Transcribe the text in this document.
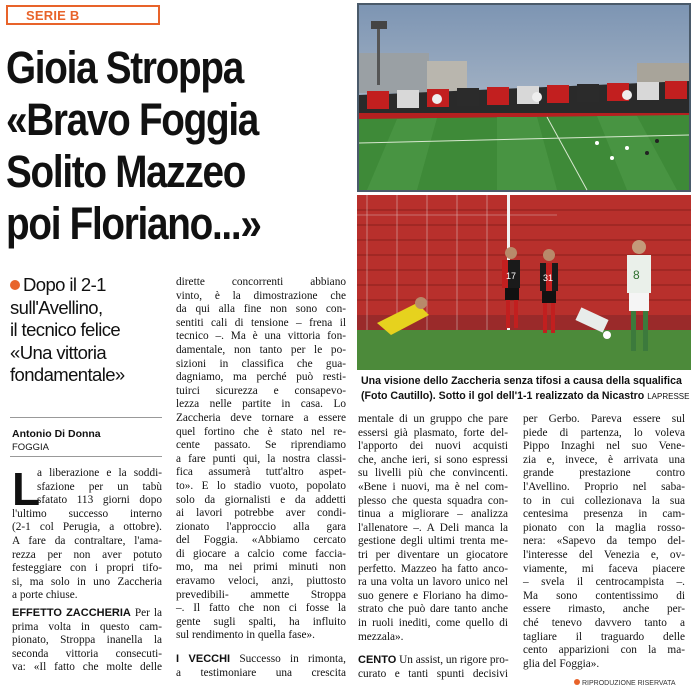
SERIE B
Gioia Stroppa
«Bravo Foggia
Solito Mazzeo
poi Floriano...»
Dopo il 2-1
sull'Avellino,
il tecnico felice
«Una vittoria
fondamentale»
Antonio Di Donna
FOGGIA
L
a liberazione e la soddi-
sfazione per un tabù
sfatato 113 giorni dopo
l'ultimo successo interno
(2-1 col Perugia, a ottobre).
A fare da contraltare, l'ama-
rezza per non aver potuto
festeggiare con i propri tifo-
si, ma solo in uno Zaccheria
a porte chiuse.
EFFETTO ZACCHERIA Per la
prima volta in questo cam-
pionato, Stroppa inanella la
seconda vittoria consecuti-
va: «Il fatto che molte delle
dirette concorrenti abbiano
vinto, è la dimostrazione che
da qui alla fine non sono con-
sentiti cali di tensione – frena il
tecnico –. Ma è una vittoria fon-
damentale, non tanto per le po-
sizioni in classifica che gua-
dagniamo, ma perché può resti-
tuirci sicurezza e consapevo-
lezza nelle partite in casa. Lo
Zaccheria deve tornare a essere
quel fortino che è stato nel re-
cente passato. Se riprendiamo
a fare punti qui, la nostra classi-
fica assumerà tutt'altro aspet-
to». E lo stadio vuoto, popolato
solo da giornalisti e da addetti
ai lavori potrebbe aver condi-
zionato l'approccio alla gara
del Foggia. «Abbiamo cercato
di giocare a calcio come faccia-
mo, ma nei primi minuti non
eravamo veloci, anzi, piuttosto
prevedibili- ammette Stroppa
–. Il fatto che non ci fosse la
gente sugli spalti, ha influito
sul rendimento in quella fase».
I VECCHI Successo in rimonta,
a testimoniare una crescita
mentale di un gruppo che pare
essersi già plasmato, forte del-
l'apporto dei nuovi acquisti
che, anche ieri, si sono espressi
su livelli più che convincenti.
«Bene i nuovi, ma è nel com-
plesso che questa squadra con-
tinua a migliorare – analizza
l'allenatore –. A Deli manca la
gestione degli ultimi trenta me-
tri per diventare un giocatore
perfetto. Mazzeo ha fatto anco-
ra una volta un lavoro unico nel
suo genere e Floriano ha dimo-
strato che può dare tanto anche
in ruoli inediti, come quello di
mezzala».
CENTO Un assist, un rigore pro-
curato e tanti spunti decisivi
per Gerbo. Pareva essere sul
piede di partenza, lo voleva
Pippo Inzaghi nel suo Vene-
zia e, invece, è arrivata una
grande prestazione contro
l'Avellino. Proprio nel saba-
to in cui collezionava la sua
centesima presenza in cam-
pionato con la maglia rosso-
nera: «Sapevo da tempo del-
l'interesse del Venezia e, ov-
viamente, mi faceva piacere
– svela il centrocampista –.
Ma sono contentissimo di
essere rimasto, anche per-
ché tenevo davvero tanto a
tagliare il traguardo delle
cento apparizioni con la ma-
glia del Foggia».
17	31	8
Una visione dello Zaccheria senza tifosi a causa della squalifica
(Foto Cautillo). Sotto il gol dell'1-1 realizzato da Nicastro LAPRESSE
RIPRODUZIONE RISERVATA
